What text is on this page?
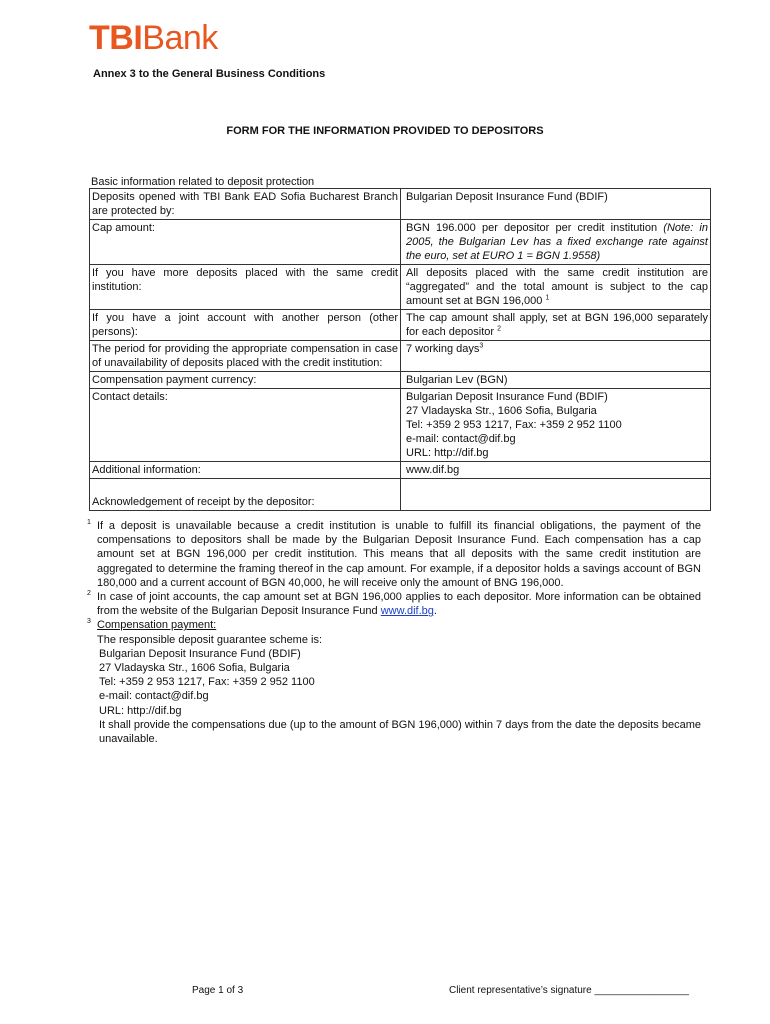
TBIBank
Annex 3 to the General Business Conditions
FORM FOR THE INFORMATION PROVIDED TO DEPOSITORS
Basic information related to deposit protection
Deposits opened with TBI Bank EAD Sofia Bucharest Branch are protected by:	Bulgarian Deposit Insurance Fund (BDIF)
Cap amount:	BGN 196.000 per depositor per credit institution (Note: in 2005, the Bulgarian Lev has a fixed exchange rate against the euro, set at EURO 1 = BGN 1.9558)
If you have more deposits placed with the same credit institution:	All deposits placed with the same credit institution are “aggregated” and the total amount is subject to the cap amount set at BGN 196,000 $^1$
If you have a joint account with another person (other persons):	The cap amount shall apply, set at BGN 196,000 separately for each depositor $^2$
The period for providing the appropriate compensation in case of unavailability of deposits placed with the credit institution:	7 working days$^3$
Compensation payment currency:	Bulgarian Lev (BGN)
Contact details:	Bulgarian Deposit Insurance Fund (BDIF)
27 Vladayska Str., 1606 Sofia, Bulgaria
Tel: +359 2 953 1217, Fax: +359 2 952 1100
e-mail: contact@dif.bg
URL: http://dif.bg

Additional information:	www.dif.bg
Acknowledgement of receipt by the depositor:	
1 If a deposit is unavailable because a credit institution is unable to fulfill its financial obligations, the payment of the compensations to depositors shall be made by the Bulgarian Deposit Insurance Fund. Each compensation has a cap amount set at BGN 196,000 per credit institution. This means that all deposits with the same credit institution are aggregated to determine the framing thereof in the cap amount. For example, if a depositor holds a savings account of BGN 180,000 and a current account of BGN 40,000, he will receive only the amount of BNG 196,000.
2 In case of joint accounts, the cap amount set at BGN 196,000 applies to each depositor. More information can be obtained from the website of the Bulgarian Deposit Insurance Fund www.dif.bg.
3 Compensation payment:
The responsible deposit guarantee scheme is:
Bulgarian Deposit Insurance Fund (BDIF)
27 Vladayska Str., 1606 Sofia, Bulgaria
Tel: +359 2 953 1217, Fax: +359 2 952 1100
e-mail: contact@dif.bg
URL: http://dif.bg
It shall provide the compensations due (up to the amount of BGN 196,000) within 7 days from the date the deposits became unavailable.
Page 1 of 3	Client representative’s signature _________________
